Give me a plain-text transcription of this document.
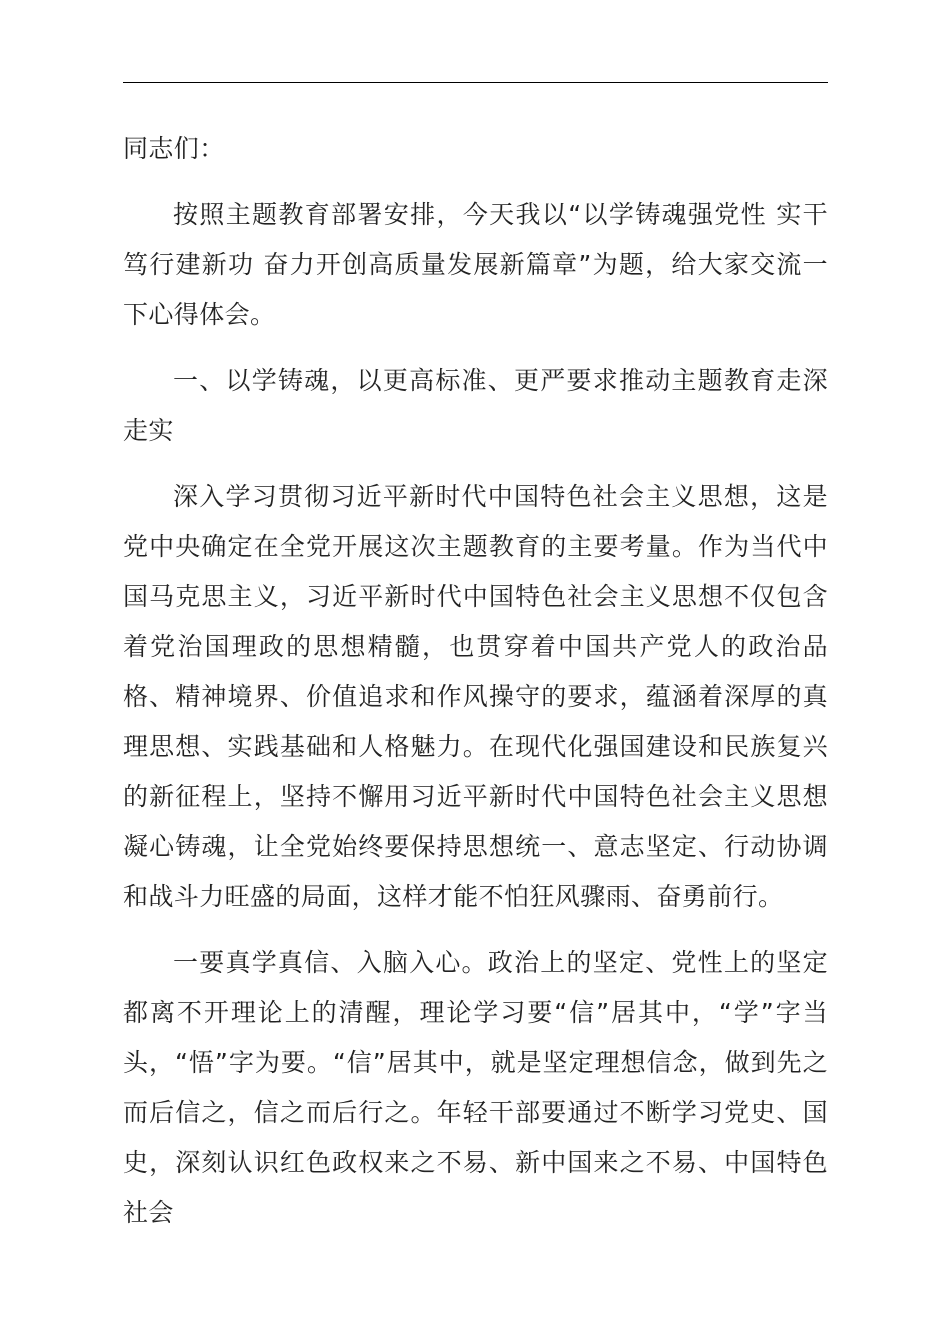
同志们：

按照主题教育部署安排，今天我以“以学铸魂强党性 实干笃行建新功 奋力开创高质量发展新篇章”为题，给大家交流一下心得体会。

一、以学铸魂，以更高标准、更严要求推动主题教育走深走实

深入学习贯彻习近平新时代中国特色社会主义思想，这是党中央确定在全党开展这次主题教育的主要考量。作为当代中国马克思主义，习近平新时代中国特色社会主义思想不仅包含着党治国理政的思想精髓，也贯穿着中国共产党人的政治品格、精神境界、价值追求和作风操守的要求，蕴涵着深厚的真理思想、实践基础和人格魅力。在现代化强国建设和民族复兴的新征程上，坚持不懈用习近平新时代中国特色社会主义思想凝心铸魂，让全党始终要保持思想统一、意志坚定、行动协调和战斗力旺盛的局面，这样才能不怕狂风骤雨、奋勇前行。

一要真学真信、入脑入心。政治上的坚定、党性上的坚定都离不开理论上的清醒，理论学习要“信”居其中，“学”字当头，“悟”字为要。“信”居其中，就是坚定理想信念，做到先之而后信之，信之而后行之。年轻干部要通过不断学习党史、国史，深刻认识红色政权来之不易、新中国来之不易、中国特色社会
